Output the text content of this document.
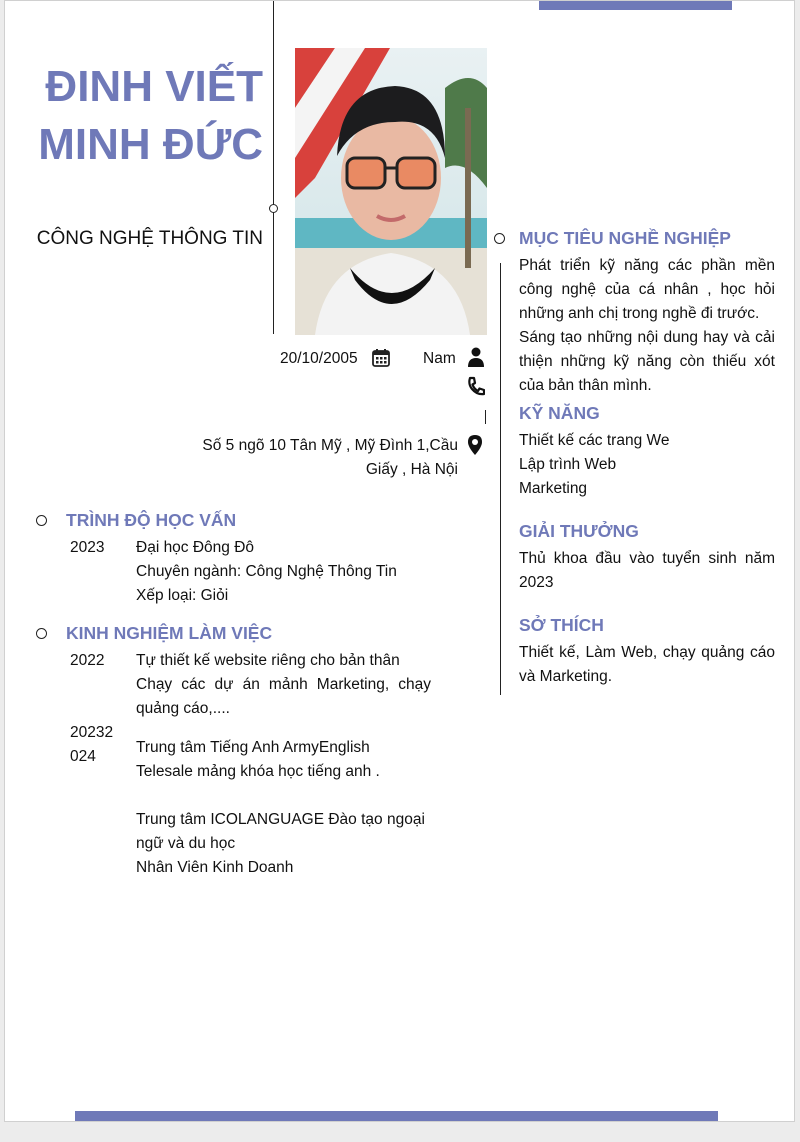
ĐINH VIẾT
MINH ĐỨC
CÔNG NGHỆ THÔNG TIN
20/10/2005	Nam
Số 5 ngõ 10 Tân Mỹ , Mỹ Đình 1,Cầu
Giấy , Hà Nội
TRÌNH ĐỘ HỌC VẤN
2023 Đại học Đông Đô
Chuyên ngành: Công Nghệ Thông Tin
Xếp loại: Giỏi
KINH NGHIỆM LÀM VIỆC
2022 Tự thiết kế website riêng cho bản thân
Chạy các dự án mảnh Marketing, chạy
quảng cáo,....
20232
024
Trung tâm Tiếng Anh ArmyEnglish
Telesale mảng khóa học tiếng anh .
Trung tâm ICOLANGUAGE Đào tạo ngoại
ngữ và du học
Nhân Viên Kinh Doanh
MỤC TIÊU NGHỀ NGHIỆP
Phát triển kỹ năng các phần mền
công nghệ của cá nhân , học hỏi
những anh chị trong nghề đi trước.
Sáng tạo những nội dung hay và cải
thiện những kỹ năng còn thiếu xót
của bản thân mình.
KỸ NĂNG
Thiết kế các trang We
Lập trình Web
Marketing
GIẢI THƯỞNG
Thủ khoa đầu vào tuyển sinh năm
2023
SỞ THÍCH
Thiết kế, Làm Web, chạy quảng cáo
và Marketing.
